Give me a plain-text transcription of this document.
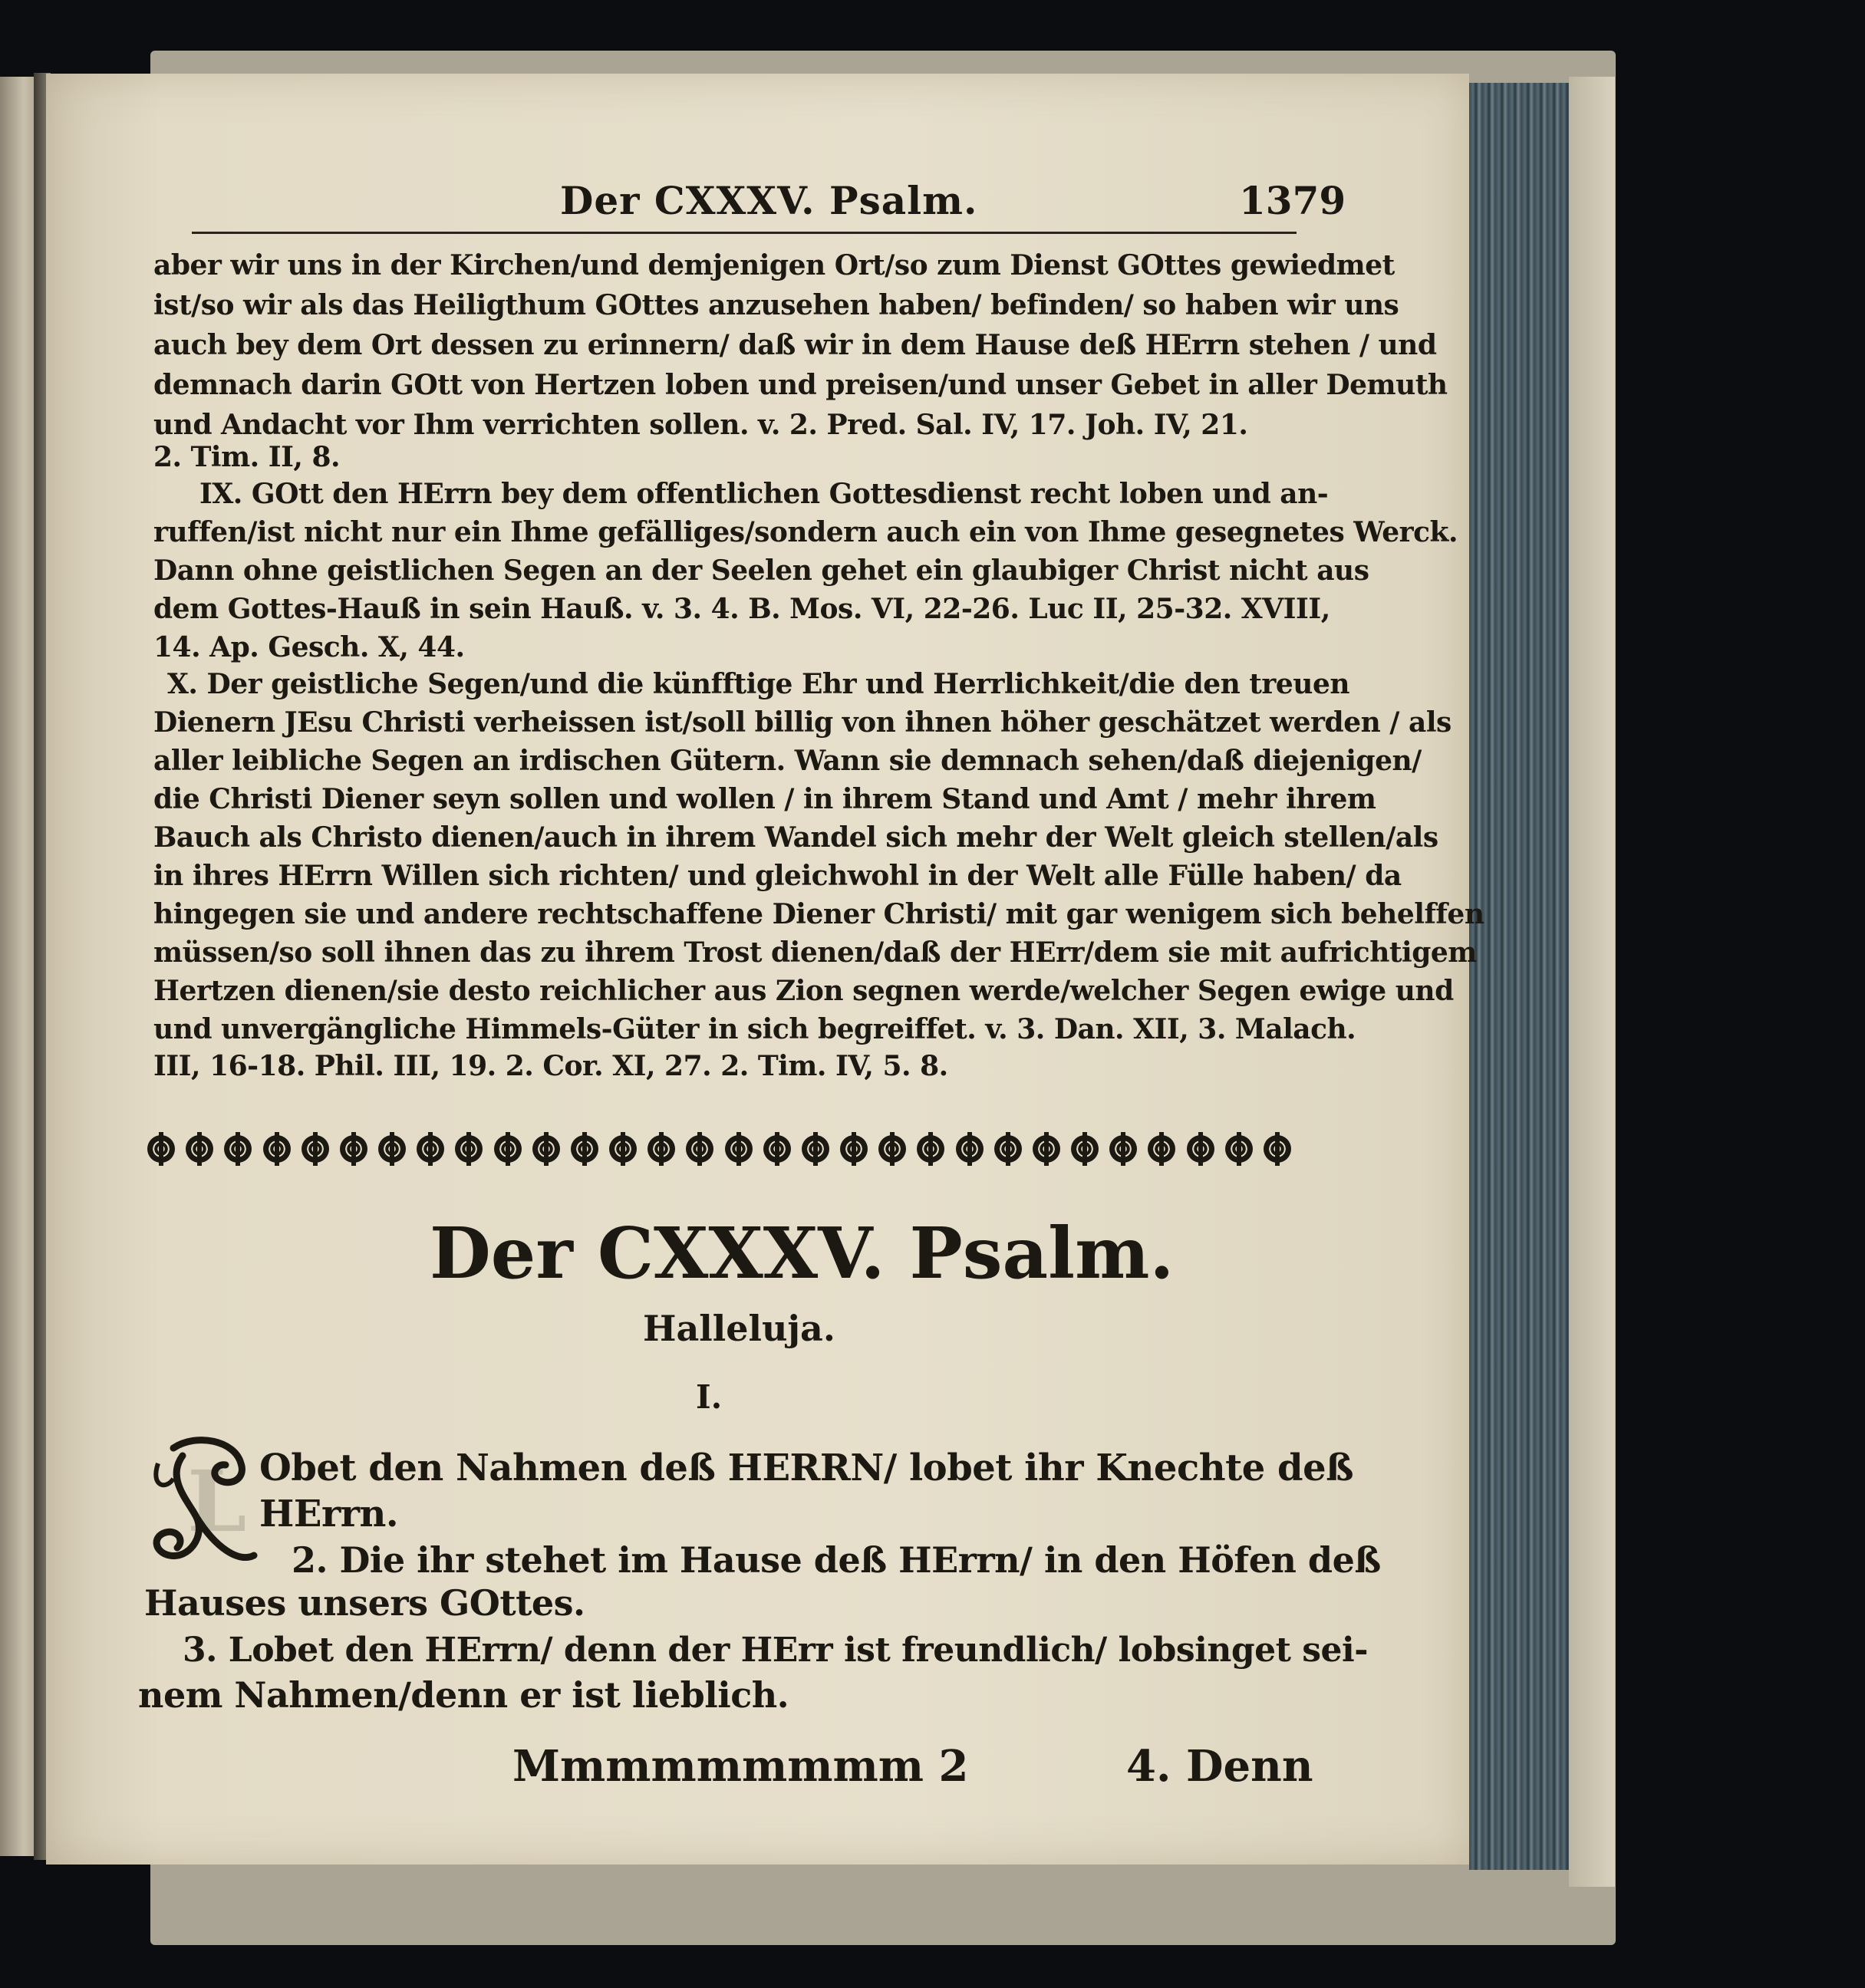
Der CXXXV. Psalm.	1379
aber wir uns in der Kirchen/und demjenigen Ort/so zum Dienst GOttes gewiedmet
ist/so wir als das Heiligthum GOttes anzusehen haben/ befinden/ so haben wir uns
auch bey dem Ort dessen zu erinnern/ daß wir in dem Hause deß HErrn stehen / und
demnach darin GOtt von Hertzen loben und preisen/und unser Gebet in aller Demuth
und Andacht vor Ihm verrichten sollen. v. 2. Pred. Sal. IV, 17. Joh. IV, 21.
2. Tim. II, 8.
IX. GOtt den HErrn bey dem offentlichen Gottesdienst recht loben und an-
ruffen/ist nicht nur ein Ihme gefälliges/sondern auch ein von Ihme gesegnetes Werck.
Dann ohne geistlichen Segen an der Seelen gehet ein glaubiger Christ nicht aus
dem Gottes-Hauß in sein Hauß. v. 3. 4. B. Mos. VI, 22-26. Luc II, 25-32. XVIII,
14. Ap. Gesch. X, 44.
X. Der geistliche Segen/und die künfftige Ehr und Herrlichkeit/die den treuen
Dienern JEsu Christi verheissen ist/soll billig von ihnen höher geschätzet werden / als
aller leibliche Segen an irdischen Gütern. Wann sie demnach sehen/daß diejenigen/
die Christi Diener seyn sollen und wollen / in ihrem Stand und Amt / mehr ihrem
Bauch als Christo dienen/auch in ihrem Wandel sich mehr der Welt gleich stellen/als
in ihres HErrn Willen sich richten/ und gleichwohl in der Welt alle Fülle haben/ da
hingegen sie und andere rechtschaffene Diener Christi/ mit gar wenigem sich behelffen
müssen/so soll ihnen das zu ihrem Trost dienen/daß der HErr/dem sie mit aufrichtigem
Hertzen dienen/sie desto reichlicher aus Zion segnen werde/welcher Segen ewige und
und unvergängliche Himmels-Güter in sich begreiffet. v. 3. Dan. XII, 3. Malach.
III, 16-18. Phil. III, 19. 2. Cor. XI, 27. 2. Tim. IV, 5. 8.
Der CXXXV. Psalm.
Halleluja.
I.
L Obet den Nahmen deß HERRN/ lobet ihr Knechte deß
HErrn.
2. Die ihr stehet im Hause deß HErrn/ in den Höfen deß
Hauses unsers GOttes.
3. Lobet den HErrn/ denn der HErr ist freundlich/ lobsinget sei-
nem Nahmen/denn er ist lieblich.
Mmmmmmmmm 2	4. Denn
